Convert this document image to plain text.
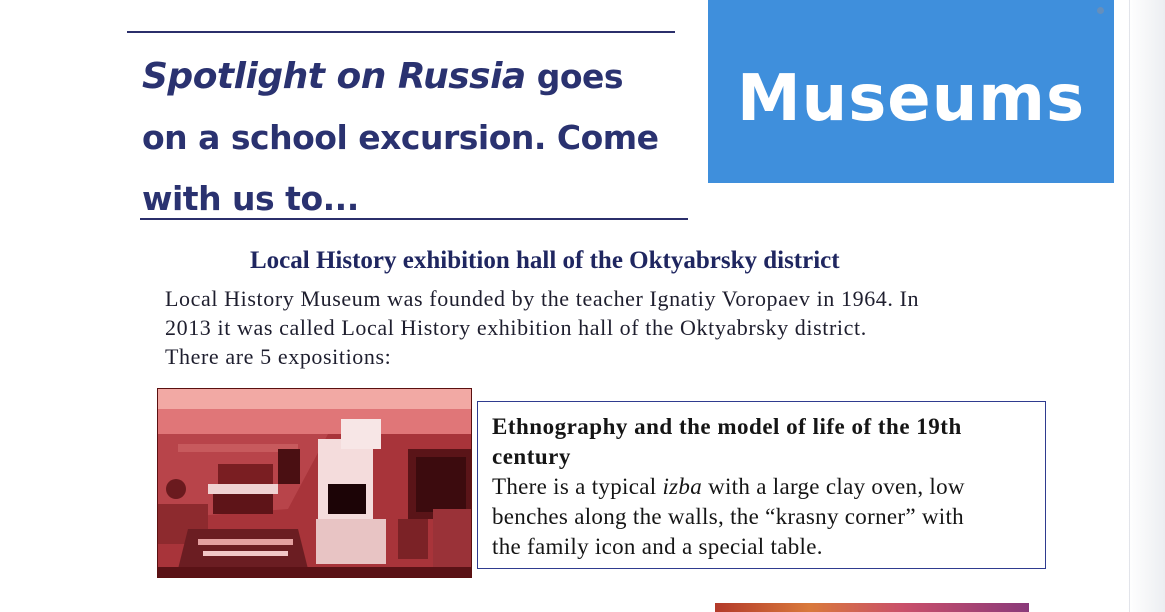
Spotlight on Russia goes
on a school excursion. Come
with us to...
Museums
Local History exhibition hall of the Oktyabrsky district
Local History Museum was founded by the teacher Ignatiy Voropaev in 1964. In
2013 it was called Local History exhibition hall of the Oktyabrsky district.
There are 5 expositions:
Ethnography and the model of life of the 19th
century
There is a typical izba with a large clay oven, low
benches along the walls, the “krasny corner” with
the family icon and a special table.
